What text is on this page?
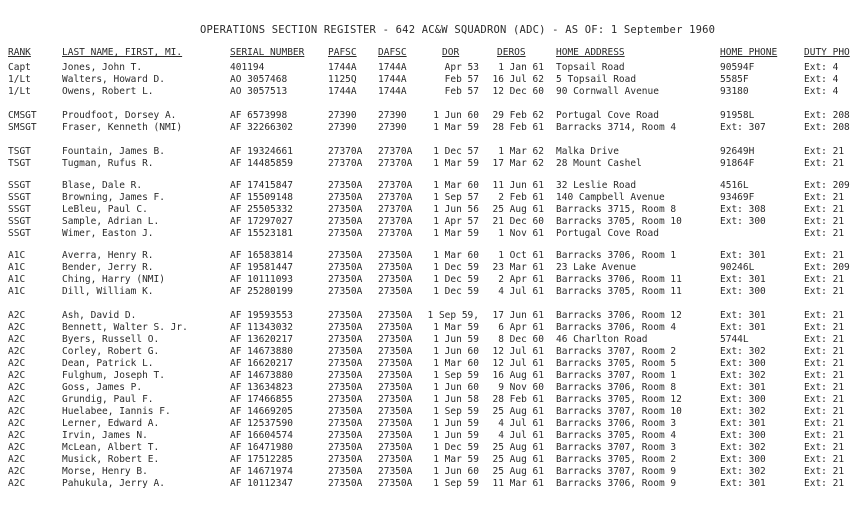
OPERATIONS SECTION REGISTER - 642 AC&W SQUADRON (ADC) - AS OF: 1 September 1960
RANK	LAST NAME, FIRST, MI.	SERIAL NUMBER PAFSC DAFSC	DOR	DEROS	HOME ADDRESS	HOME PHONE	DUTY PHO
Capt	Jones, John T.	401194	1744A 1744A	Apr 53	1 Jan 61 Topsail Road	90594F	Ext: 4
1/Lt	Walters, Howard D.	AO 3057468	1125Q 1744A	Feb 57	16 Jul 62 5 Topsail Road	5585F	Ext: 4
1/Lt	Owens, Robert L.	AO 3057513	1744A 1744A	Feb 57	12 Dec 60 90 Cornwall Avenue	93180	Ext: 4
CMSGT	Proudfoot, Dorsey A.	AF 6573998	27390 27390	1 Jun 60	29 Feb 62 Portugal Cove Road	91958L	Ext: 208
SMSGT	Fraser, Kenneth (NMI)	AF 32266302	27390 27390	1 Mar 59	28 Feb 61 Barracks 3714, Room 4	Ext: 307	Ext: 208
TSGT	Fountain, James B.	AF 19324661	27370A 27370A	1 Dec 57	1 Mar 62 Malka Drive	92649H	Ext: 21
TSGT	Tugman, Rufus R.	AF 14485859	27370A 27370A	1 Mar 59	17 Mar 62 28 Mount Cashel	91864F	Ext: 21
SSGT	Blase, Dale R.	AF 17415847	27350A 27370A	1 Mar 60	11 Jun 61 32 Leslie Road	4516L	Ext: 209
SSGT	Browning, James F.	AF 15509148	27350A 27370A	1 Sep 57	2 Feb 61 140 Campbell Avenue	93469F	Ext: 21
SSGT	LeBleu, Paul C.	AF 25505332	27350A 27370A	1 Jun 56	25 Aug 61 Barracks 3715, Room 8	Ext: 308	Ext: 21
SSGT	Sample, Adrian L.	AF 17297027	27350A 27370A	1 Apr 57	21 Dec 60 Barracks 3705, Room 10	Ext: 300	Ext: 21
SSGT	Wimer, Easton J.	AF 15523181	27350A 27370A	1 Mar 59	1 Nov 61 Portugal Cove Road	Ext: 21
A1C	Averra, Henry R.	AF 16583814	27350A 27350A	1 Mar 60	1 Oct 61 Barracks 3706, Room 1	Ext: 301	Ext: 21
A1C	Bender, Jerry R.	AF 19581447	27350A 27350A	1 Dec 59	23 Mar 61 23 Lake Avenue	90246L	Ext: 209
A1C	Ching, Harry (NMI)	AF 10111093	27350A 27350A	1 Dec 59	2 Apr 61 Barracks 3706, Room 11	Ext: 301	Ext: 21
A1C	Dill, William K.	AF 25280199	27350A 27350A	1 Dec 59	4 Jul 61 Barracks 3705, Room 11	Ext: 300	Ext: 21
A2C	Ash, David D.	AF 19593553	27350A 27350A 1 Sep 59,	17 Jun 61 Barracks 3706, Room 12	Ext: 301	Ext: 21
A2C	Bennett, Walter S. Jr.	AF 11343032	27350A 27350A	1 Mar 59	6 Apr 61 Barracks 3706, Room 4	Ext: 301	Ext: 21
A2C	Byers, Russell O.	AF 13620217	27350A 27350A	1 Jun 59	8 Dec 60 46 Charlton Road	5744L	Ext: 21
A2C	Corley, Robert G.	AF 14673880	27350A 27350A	1 Jun 60	12 Jul 61 Barracks 3707, Room 2	Ext: 302	Ext: 21
A2C	Dean, Patrick L.	AF 16620217	27350A 27350A	1 Mar 60	12 Jul 61 Barracks 3705, Room 5	Ext: 300	Ext: 21
A2C	Fulghum, Joseph T.	AF 14673880	27350A 27350A	1 Sep 59	16 Aug 61 Barracks 3707, Room 1	Ext: 302	Ext: 21
A2C	Goss, James P.	AF 13634823	27350A 27350A	1 Jun 60	9 Nov 60 Barracks 3706, Room 8	Ext: 301	Ext: 21
A2C	Grundig, Paul F.	AF 17466855	27350A 27350A	1 Jun 58	28 Feb 61 Barracks 3705, Room 12	Ext: 300	Ext: 21
A2C	Huelabee, Iannis F.	AF 14669205	27350A 27350A	1 Sep 59	25 Aug 61 Barracks 3707, Room 10	Ext: 302	Ext: 21
A2C	Lerner, Edward A.	AF 12537590	27350A 27350A	1 Jun 59	4 Jul 61 Barracks 3706, Room 3	Ext: 301	Ext: 21
A2C	Irvin, James N.	AF 16604574	27350A 27350A	1 Jun 59	4 Jul 61 Barracks 3705, Room 4	Ext: 300	Ext: 21
A2C	McLean, Albert T.	AF 16471980	27350A 27350A	1 Dec 59	25 Aug 61 Barracks 3707, Room 3	Ext: 302	Ext: 21
A2C	Musick, Robert E.	AF 17512285	27350A 27350A	1 Mar 59	25 Aug 61 Barracks 3705, Room 2	Ext: 300	Ext: 21
A2C	Morse, Henry B.	AF 14671974	27350A 27350A	1 Jun 60	25 Aug 61 Barracks 3707, Room 9	Ext: 302	Ext: 21
A2C	Pahukula, Jerry A.	AF 10112347	27350A 27350A	1 Sep 59	11 Mar 61 Barracks 3706, Room 9	Ext: 301	Ext: 21
